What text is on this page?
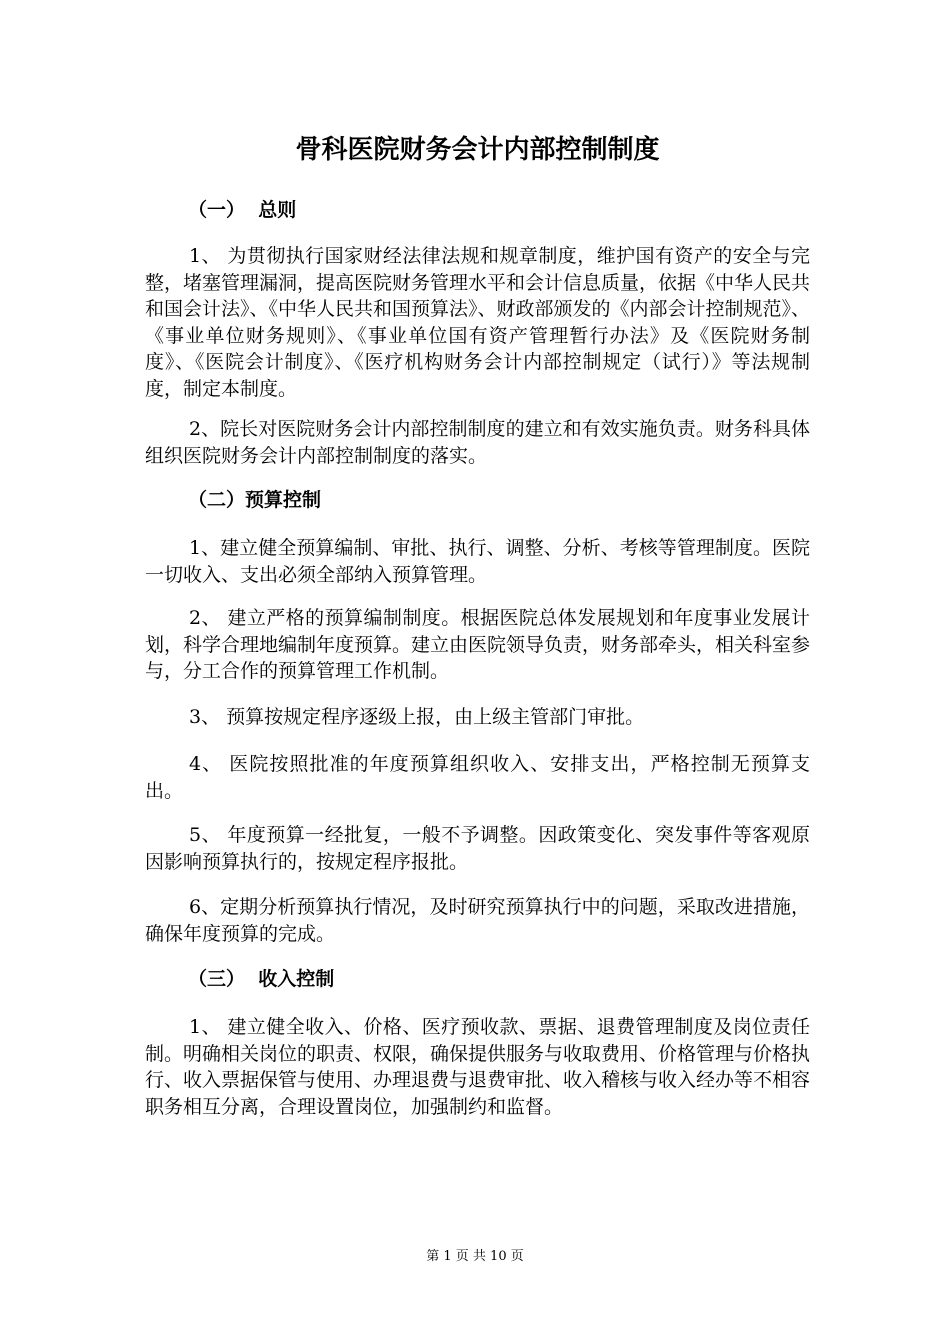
骨科医院财务会计内部控制制度
（一）  总则

1、 为贯彻执行国家财经法律法规和规章制度，维护国有资产的安全与完整，堵塞管理漏洞，提高医院财务管理水平和会计信息质量，依据《中华人民共和国会计法》、《中华人民共和国预算法》、财政部颁发的《内部会计控制规范》、《事业单位财务规则》、《事业单位国有资产管理暂行办法》及《医院财务制度》、《医院会计制度》、《医疗机构财务会计内部控制规定（试行）》等法规制度，制定本制度。

2、院长对医院财务会计内部控制制度的建立和有效实施负责。财务科具体组织医院财务会计内部控制制度的落实。

（二）预算控制

1、建立健全预算编制、审批、执行、调整、分析、考核等管理制度。医院一切收入、支出必须全部纳入预算管理。

2、 建立严格的预算编制制度。根据医院总体发展规划和年度事业发展计划，科学合理地编制年度预算。建立由医院领导负责，财务部牵头，相关科室参与，分工合作的预算管理工作机制。

3、 预算按规定程序逐级上报，由上级主管部门审批。

4、 医院按照批准的年度预算组织收入、安排支出，严格控制无预算支出。

5、 年度预算一经批复，一般不予调整。因政策变化、突发事件等客观原因影响预算执行的，按规定程序报批。

6、定期分析预算执行情况，及时研究预算执行中的问题，采取改进措施，确保年度预算的完成。

（三）  收入控制

1、 建立健全收入、价格、医疗预收款、票据、退费管理制度及岗位责任制。明确相关岗位的职责、权限，确保提供服务与收取费用、价格管理与价格执行、收入票据保管与使用、办理退费与退费审批、收入稽核与收入经办等不相容职务相互分离，合理设置岗位，加强制约和监督。

第 1 页 共 10 页
